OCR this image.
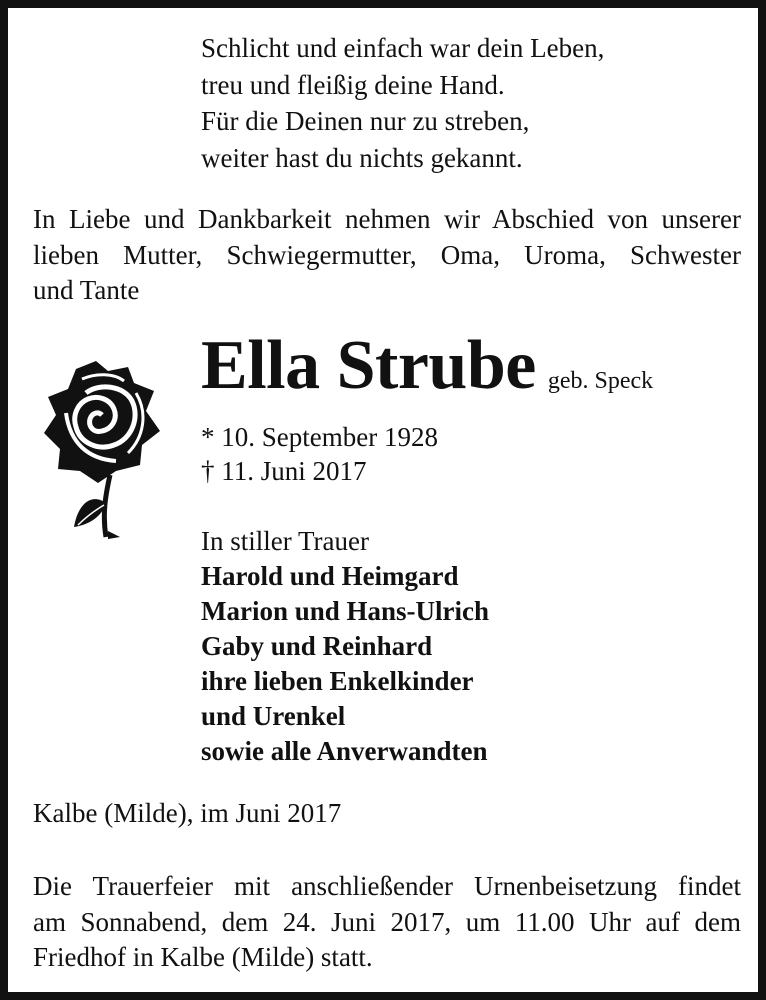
Schlicht und einfach war dein Leben,
treu und fleißig deine Hand.
Für die Deinen nur zu streben,
weiter hast du nichts gekannt.
In Liebe und Dankbarkeit nehmen wir Abschied von unserer
lieben Mutter, Schwiegermutter, Oma, Uroma, Schwester
und Tante
Ella Strube geb. Speck
* 10. September 1928
† 11. Juni 2017
In stiller Trauer
Harold und Heimgard
Marion und Hans-Ulrich
Gaby und Reinhard
ihre lieben Enkelkinder
und Urenkel
sowie alle Anverwandten
Kalbe (Milde), im Juni 2017
Die Trauerfeier mit anschließender Urnenbeisetzung findet
am Sonnabend, dem 24. Juni 2017, um 11.00 Uhr auf dem
Friedhof in Kalbe (Milde) statt.
